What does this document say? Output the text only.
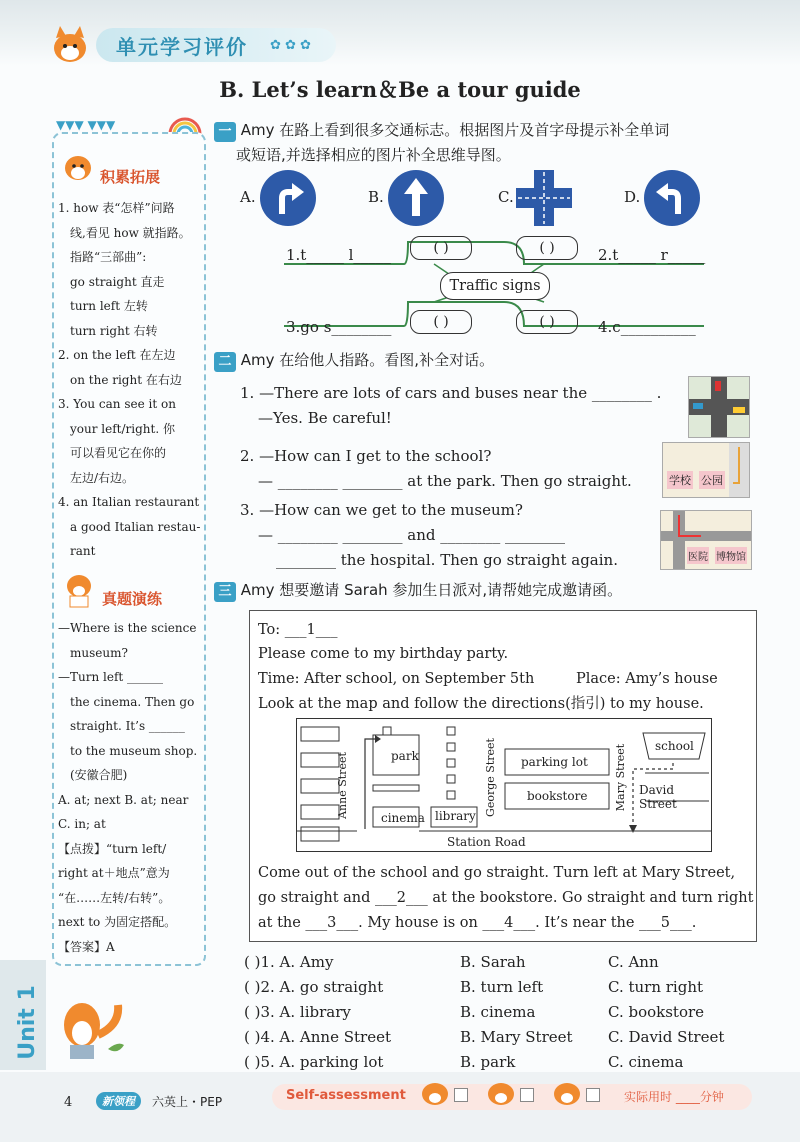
单元学习评价 ✿ ✿ ✿
B. Let’s learn＆Be a tour guide
▼▼▼ ▼▼▼
积累拓展
1. how 表“怎样”问路
线,看见 how 就指路。
指路“三部曲”:
go straight 直走
turn left 左转
turn right 右转
2. on the left 在左边
on the right 在右边
3. You can see it on
your left/right. 你
可以看见它在你的
左边/右边。
4. an Italian restaurant
a good Italian restau-
rant
真题演练
—Where is the science
museum?
—Turn left ______
the cinema. Then go
straight. It’s ______
to the museum shop.
(安徽合肥)
A. at; next B. at; near
C. in; at
【点拨】“turn left/
right at＋地点”意为
“在……左转/右转”。
next to 为固定搭配。
【答案】A
一 Amy 在路上看到很多交通标志。根据图片及首字母提示补全单词
或短语,并选择相应的图片补全思维导图。
A.	B.	C.	D.
1.t_____ l_____	( )	( )	2.t_____ r_____
Traffic signs
3.go s________	( )	( )	4.c__________
二 Amy 在给他人指路。看图,补全对话。
1. —There are lots of cars and buses near the ________ .
—Yes. Be careful!
2. —How can I get to the school?
— ________ ________ at the park. Then go straight.	学校 公园
3. —How can we get to the museum?
— ________ ________ and ________ ________
________ the hospital. Then go straight again.	医院 博物馆
三 Amy 想要邀请 Sarah 参加生日派对,请帮她完成邀请函。
To: ___1___
Please come to my birthday party.
Time: After school, on September 5th	Place: Amy’s house
Look at the map and follow the directions(指引) to my house.
park	parking lot
bookstore
school
David Street
cinema library
Station Road
Anne Street	George Street	Mary Street
Come out of the school and go straight. Turn left at Mary Street,
go straight and ___2___ at the bookstore. Go straight and turn right
at the ___3___. My house is on ___4___. It’s near the ___5___.
( )1. A. Amy	B. Sarah	C. Ann
( )2. A. go straight	B. turn left	C. turn right
( )3. A. library	B. cinema	C. bookstore
( )4. A. Anne Street	B. Mary Street C. David Street
( )5. A. parking lot	B. park	C. cinema
Unit 1
4	新领程	六英上・PEP	Self-assessment	实际用时 ____分钟
